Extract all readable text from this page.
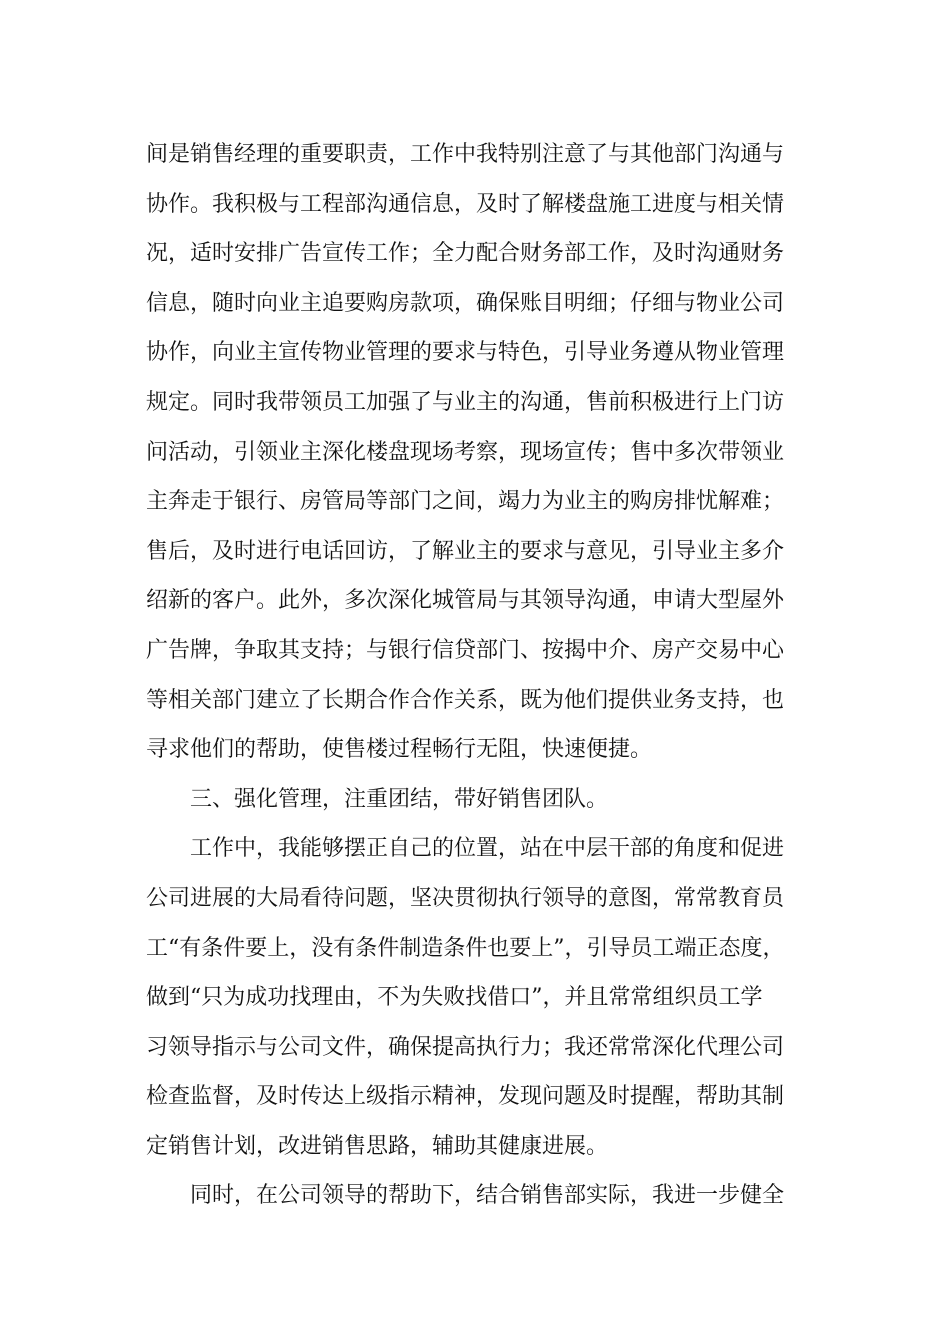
间是销售经理的重要职责，工作中我特别注意了与其他部门沟通与
协作。我积极与工程部沟通信息，及时了解楼盘施工进度与相关情
况，适时安排广告宣传工作；全力配合财务部工作，及时沟通财务
信息，随时向业主追要购房款项，确保账目明细；仔细与物业公司
协作，向业主宣传物业管理的要求与特色，引导业务遵从物业管理
规定。同时我带领员工加强了与业主的沟通，售前积极进行上门访
问活动，引领业主深化楼盘现场考察，现场宣传；售中多次带领业
主奔走于银行、房管局等部门之间，竭力为业主的购房排忧解难；
售后，及时进行电话回访，了解业主的要求与意见，引导业主多介
绍新的客户。此外，多次深化城管局与其领导沟通，申请大型屋外
广告牌，争取其支持；与银行信贷部门、按揭中介、房产交易中心
等相关部门建立了长期合作合作关系，既为他们提供业务支持，也
寻求他们的帮助，使售楼过程畅行无阻，快速便捷。
三、强化管理，注重团结，带好销售团队。
工作中，我能够摆正自己的位置，站在中层干部的角度和促进
公司进展的大局看待问题，坚决贯彻执行领导的意图，常常教育员
工“有条件要上，没有条件制造条件也要上”，引导员工端正态度，
做到“只为成功找理由，不为失败找借口”，并且常常组织员工学
习领导指示与公司文件，确保提高执行力；我还常常深化代理公司
检查监督，及时传达上级指示精神，发现问题及时提醒，帮助其制
定销售计划，改进销售思路，辅助其健康进展。
同时，在公司领导的帮助下，结合销售部实际，我进一步健全
